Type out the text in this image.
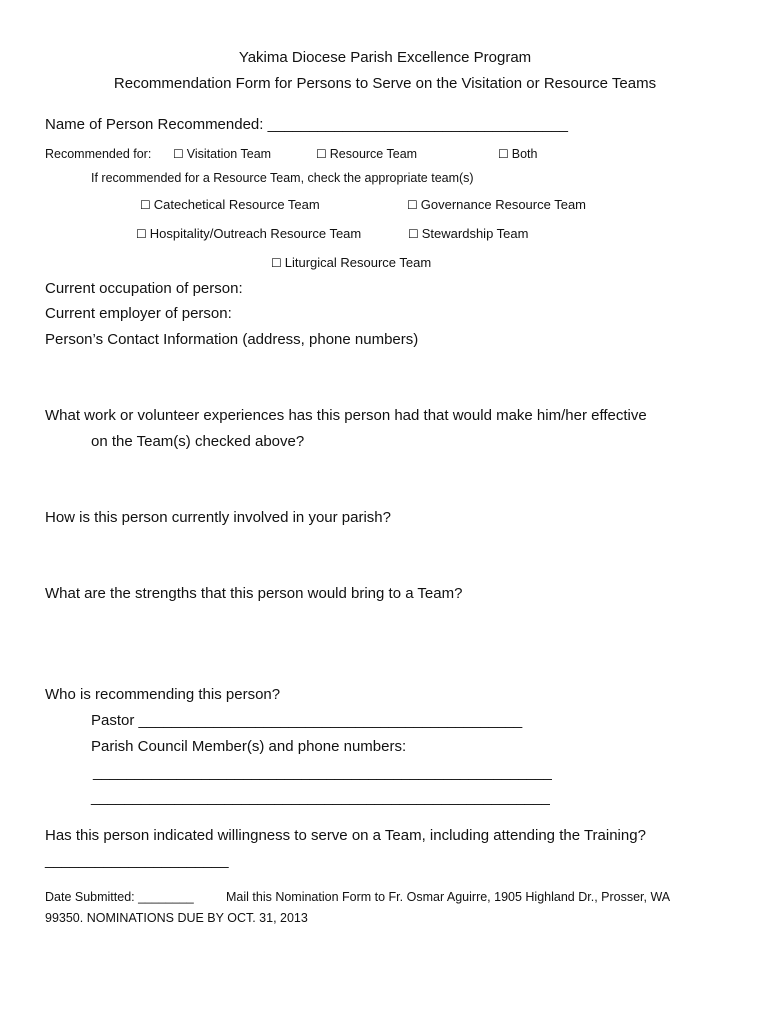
Yakima Diocese Parish Excellence Program
Recommendation Form for Persons to Serve on the Visitation or Resource Teams
Name of Person Recommended: ____________________________________
Recommended for: ☐ Visitation Team	☐ Resource Team	☐ Both
If recommended for a Resource Team, check the appropriate team(s)
☐ Catechetical Resource Team	☐ Governance Resource Team
☐ Hospitality/Outreach Resource Team	☐ Stewardship Team
☐ Liturgical Resource Team
Current occupation of person:
Current employer of person:
Person’s Contact Information (address, phone numbers)
What work or volunteer experiences has this person had that would make him/her effective
on the Team(s) checked above?
How is this person currently involved in your parish?
What are the strengths that this person would bring to a Team?
Who is recommending this person?
Pastor ______________________________________________
Parish Council Member(s) and phone numbers:
_______________________________________________________
_______________________________________________________
Has this person indicated willingness to serve on a Team, including attending the Training?
______________________
Date Submitted: ________	Mail this Nomination Form to Fr. Osmar Aguirre, 1905 Highland Dr., Prosser, WA
99350. NOMINATIONS DUE BY OCT. 31, 2013
